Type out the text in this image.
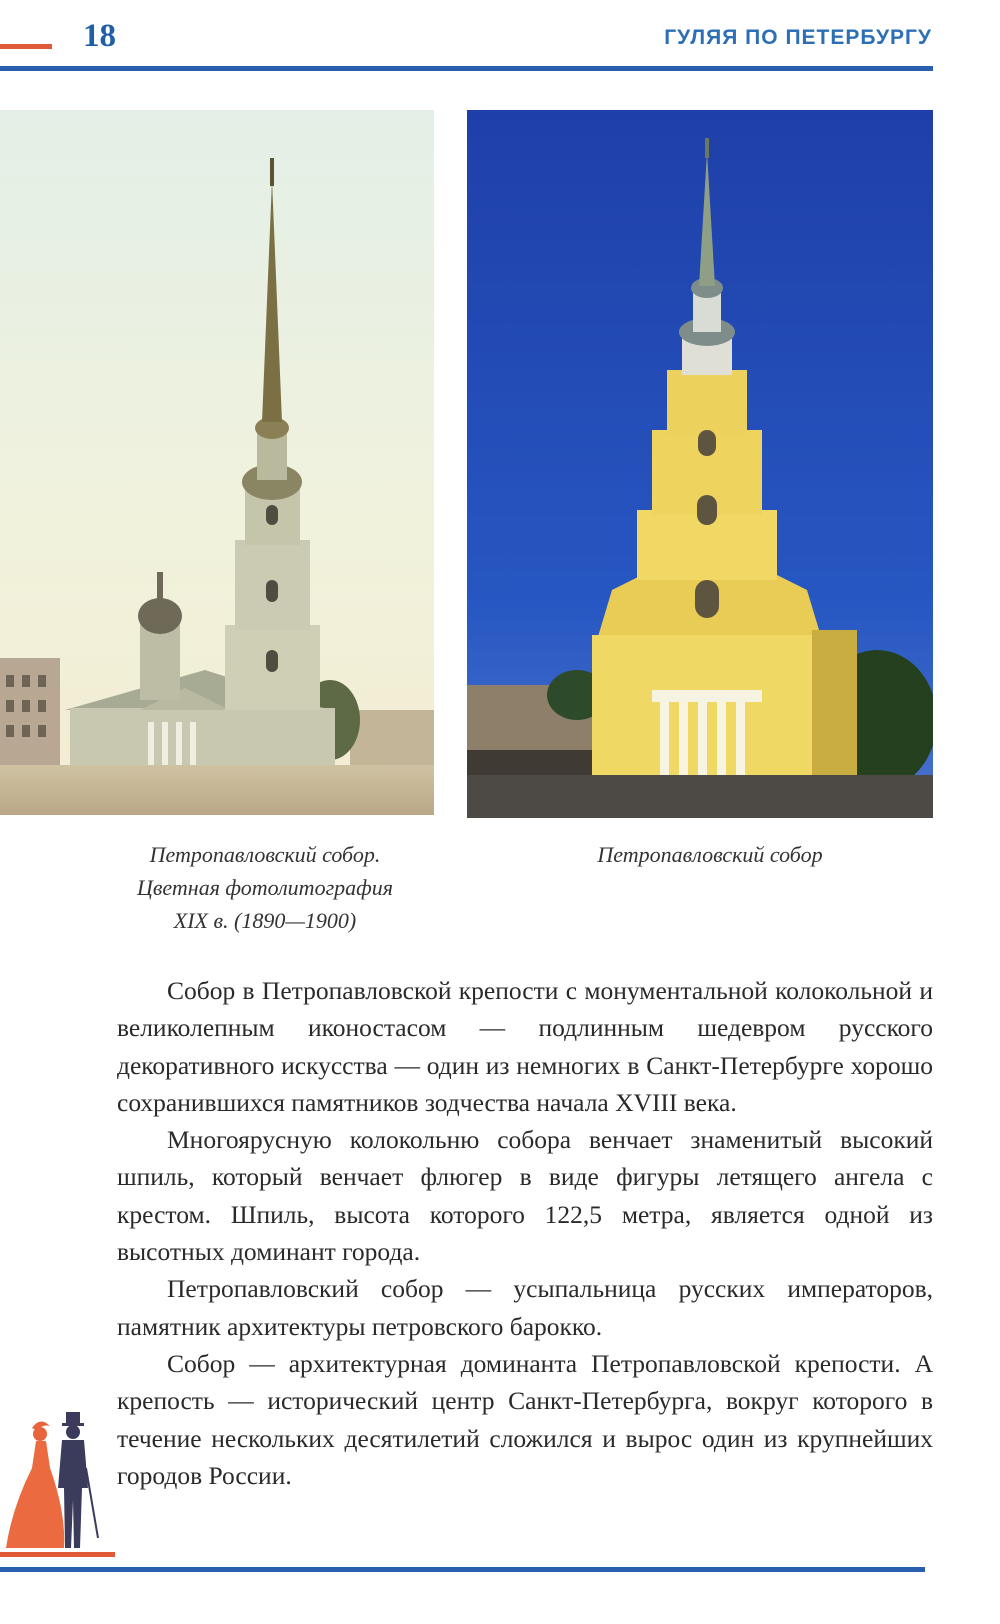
18	ГУЛЯЯ ПО ПЕТЕРБУРГУ
Петропавловский собор.
Цветная фотолитография
XIX в. (1890—1900)
Петропавловский собор

Собор в Петропавловской крепости с монументальной колокольной и великолепным иконостасом — подлинным шедевром русского декоративного искусства — один из немногих в Санкт-Петербурге хорошо сохранившихся памятников зодчества начала XVIII века.

Многоярусную колокольню собора венчает знаменитый высокий шпиль, который венчает флюгер в виде фигуры летящего ангела с крестом. Шпиль, высота которого 122,5 метра, является одной из высотных доминант города.

Петропавловский собор — усыпальница русских императоров, памятник архитектуры петровского барокко.

Собор — архитектурная доминанта Петропавловской крепости. А крепость — исторический центр Санкт-Петербурга, вокруг которого в течение нескольких десятилетий сложился и вырос один из крупнейших городов России.
